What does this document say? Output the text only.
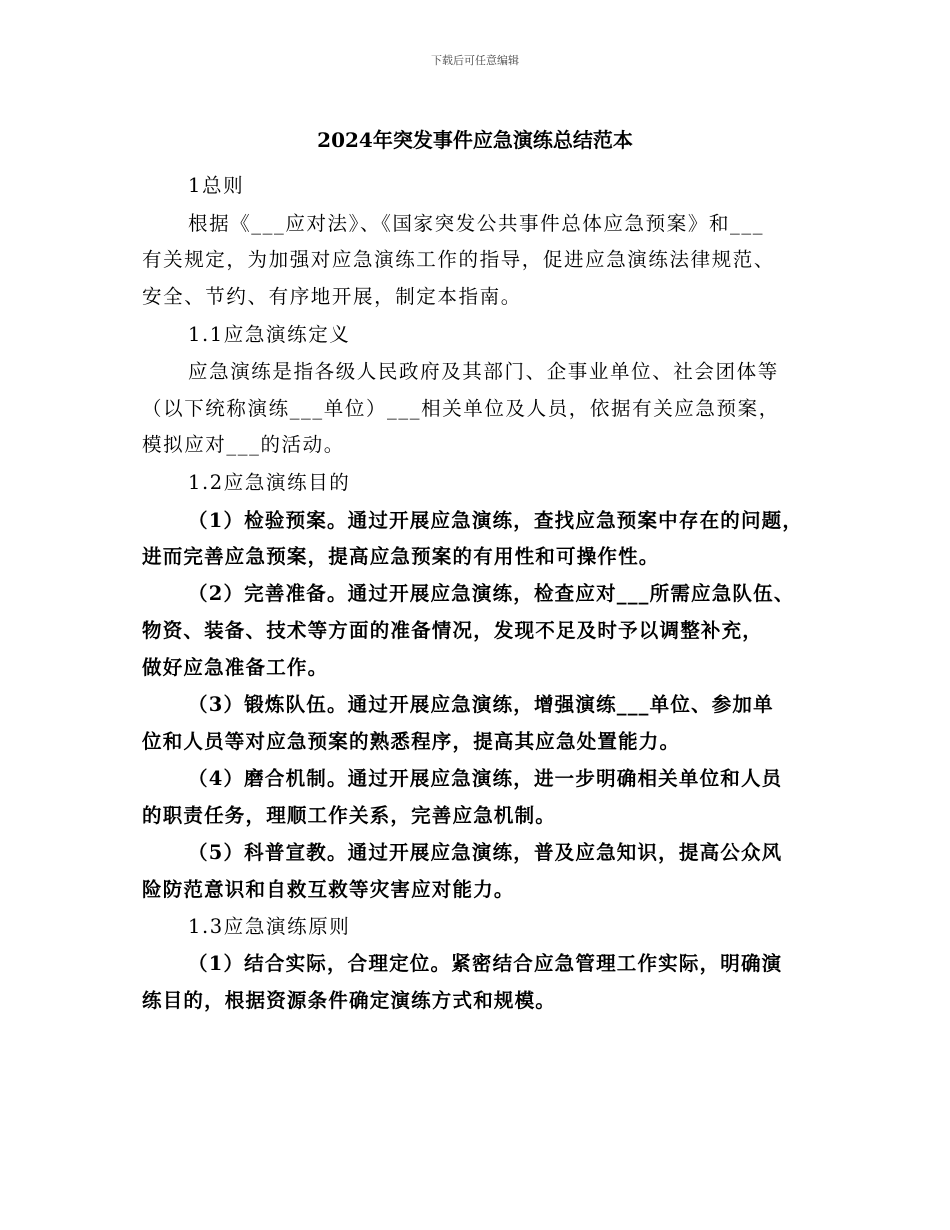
下载后可任意编辑
2024年突发事件应急演练总结范本
1总则
根据《___应对法》、《国家突发公共事件总体应急预案》和___
有关规定，为加强对应急演练工作的指导，促进应急演练法律规范、
安全、节约、有序地开展，制定本指南。
1.1应急演练定义
应急演练是指各级人民政府及其部门、企事业单位、社会团体等
（以下统称演练___单位）___相关单位及人员，依据有关应急预案，
模拟应对___的活动。
1.2应急演练目的
（1）检验预案。通过开展应急演练，查找应急预案中存在的问题，
进而完善应急预案，提高应急预案的有用性和可操作性。
（2）完善准备。通过开展应急演练，检查应对___所需应急队伍、
物资、装备、技术等方面的准备情况，发现不足及时予以调整补充，
做好应急准备工作。
（3）锻炼队伍。通过开展应急演练，增强演练___单位、参加单
位和人员等对应急预案的熟悉程序，提高其应急处置能力。
（4）磨合机制。通过开展应急演练，进一步明确相关单位和人员
的职责任务，理顺工作关系，完善应急机制。
（5）科普宣教。通过开展应急演练，普及应急知识，提高公众风
险防范意识和自救互救等灾害应对能力。
1.3应急演练原则
（1）结合实际，合理定位。紧密结合应急管理工作实际，明确演
练目的，根据资源条件确定演练方式和规模。
